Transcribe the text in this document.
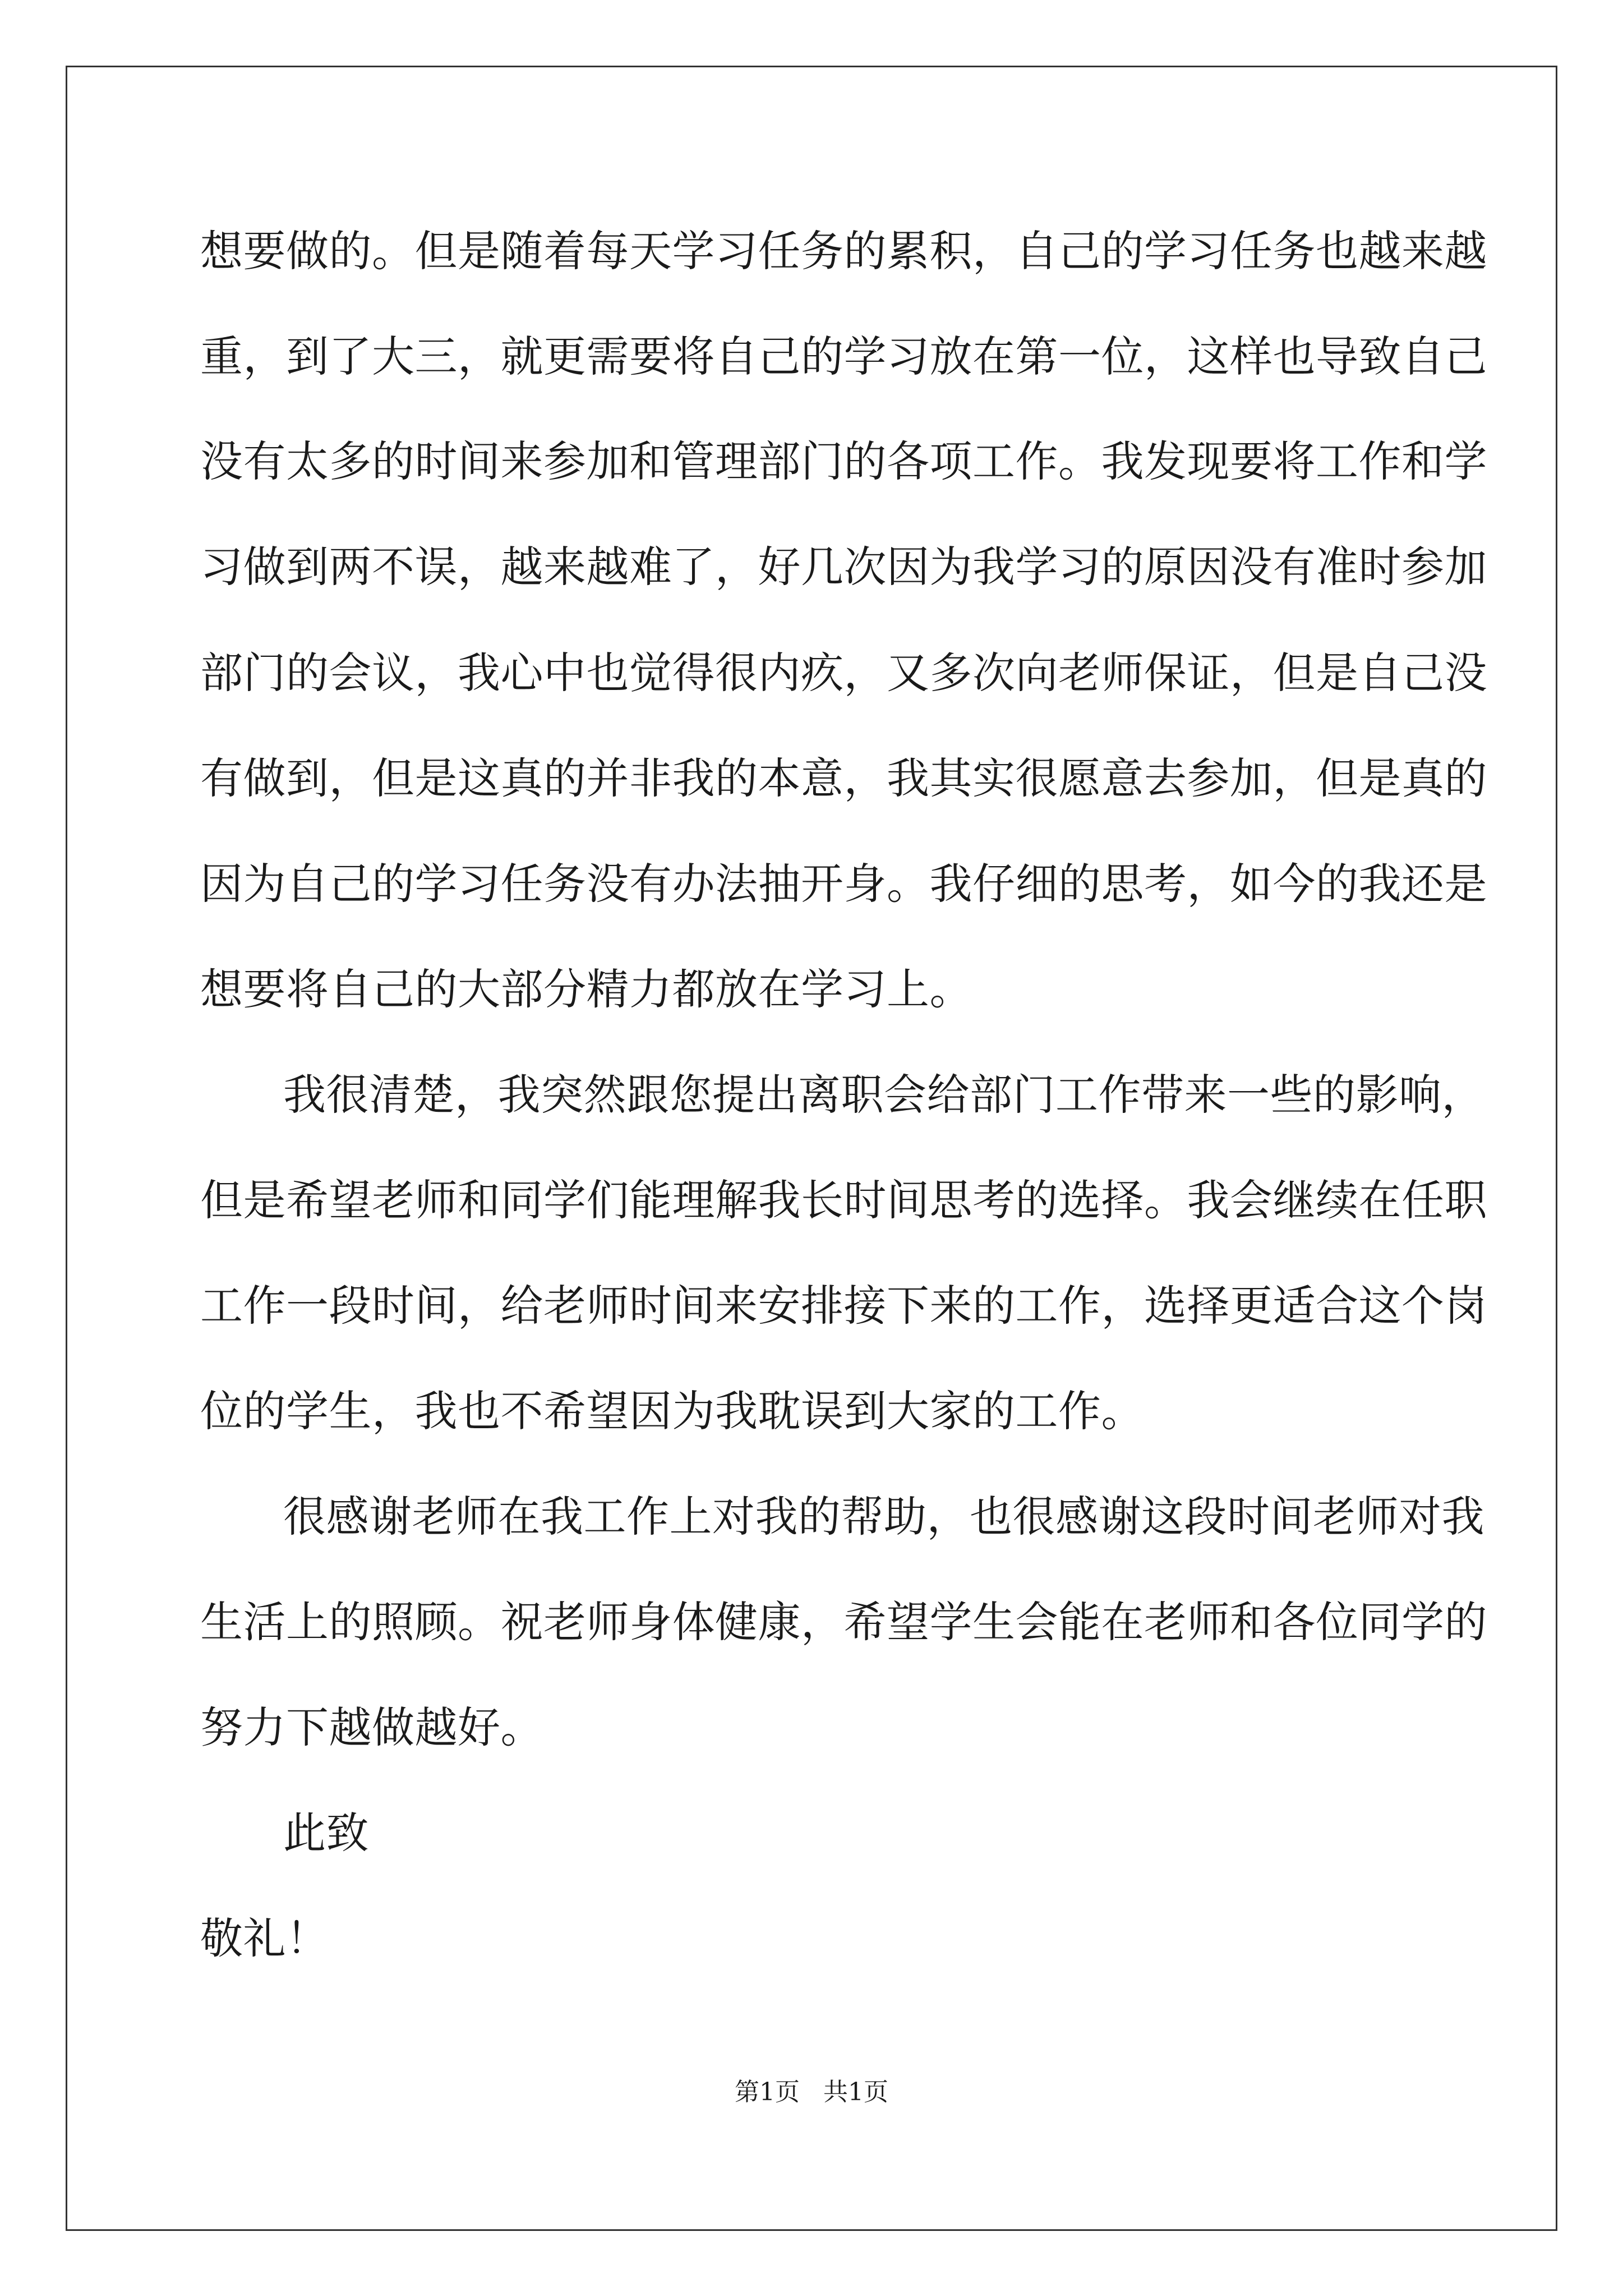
想要做的。但是随着每天学习任务的累积，自己的学习任务也越来越
重，到了大三，就更需要将自己的学习放在第一位，这样也导致自己
没有太多的时间来参加和管理部门的各项工作。我发现要将工作和学
习做到两不误，越来越难了，好几次因为我学习的原因没有准时参加
部门的会议，我心中也觉得很内疚，又多次向老师保证，但是自己没
有做到，但是这真的并非我的本意，我其实很愿意去参加，但是真的
因为自己的学习任务没有办法抽开身。我仔细的思考，如今的我还是
想要将自己的大部分精力都放在学习上。
我很清楚，我突然跟您提出离职会给部门工作带来一些的影响，
但是希望老师和同学们能理解我长时间思考的选择。我会继续在任职
工作一段时间，给老师时间来安排接下来的工作，选择更适合这个岗
位的学生，我也不希望因为我耽误到大家的工作。
很感谢老师在我工作上对我的帮助，也很感谢这段时间老师对我
生活上的照顾。祝老师身体健康，希望学生会能在老师和各位同学的
努力下越做越好。
此致
敬礼！
第1页   共1页
